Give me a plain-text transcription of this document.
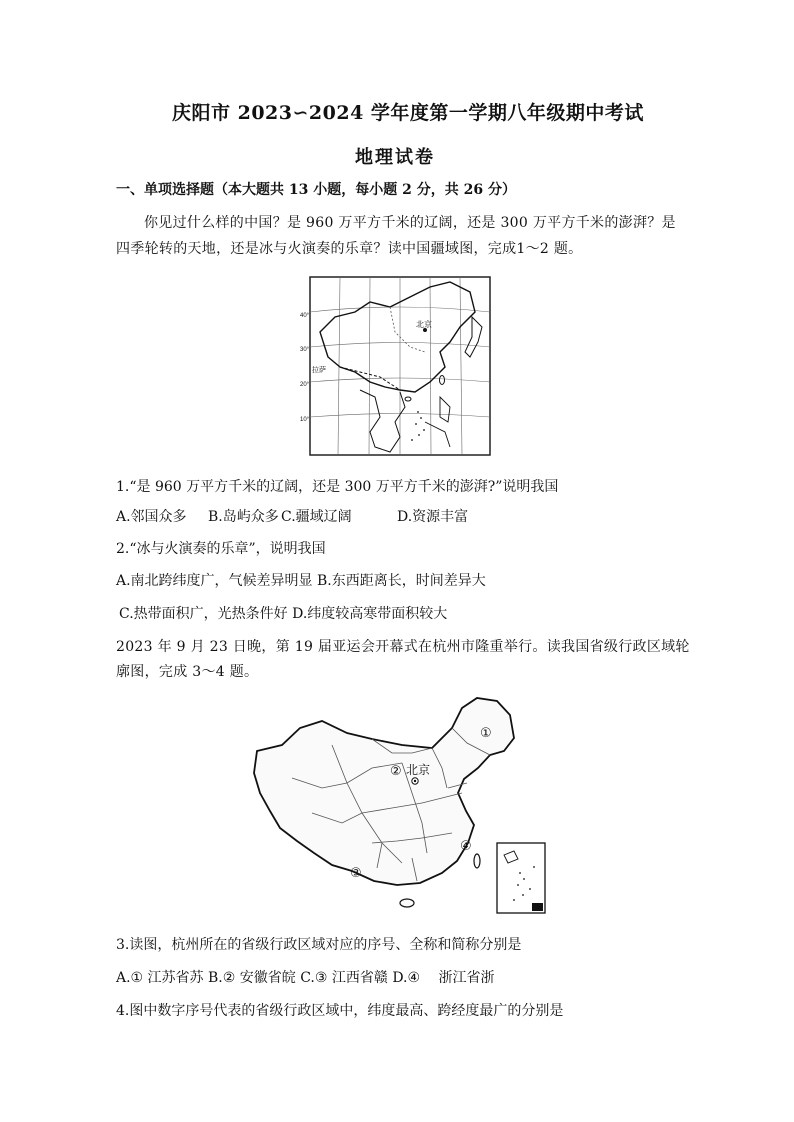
庆阳市 2023∽2024 学年度第一学期八年级期中考试
地理试卷
一、单项选择题（本大题共 13 小题，每小题 2 分，共 26 分）
你见过什么样的中国？是 960 万平方千米的辽阔，还是 300 万平方千米的澎湃？是
四季轮转的天地，还是冰与火演奏的乐章？读中国疆域图，完成1～2 题。
北京
拉萨
40°
30°
20°
10°
1.“是 960 万平方千米的辽阔，还是 300 万平方千米的澎湃?”说明我国
A.邻国众多 B.岛屿众多 C.疆域辽阔	D.资源丰富
2.“冰与火演奏的乐章”，说明我国
A.南北跨纬度广，气候差异明显 B.东西距离长，时间差异大
C.热带面积广，光热条件好 D.纬度较高寒带面积较大
2023 年 9 月 23 日晚，第 19 届亚运会开幕式在杭州市隆重举行。读我国省级行政区域轮
廓图，完成 3～4 题。
①
②
③
④
北京
3.读图，杭州所在的省级行政区域对应的序号、全称和简称分别是
A.① 江苏省苏 B.② 安徽省皖 C.③ 江西省赣 D.④　 浙江省浙
4.图中数字序号代表的省级行政区域中，纬度最高、跨经度最广的分别是
